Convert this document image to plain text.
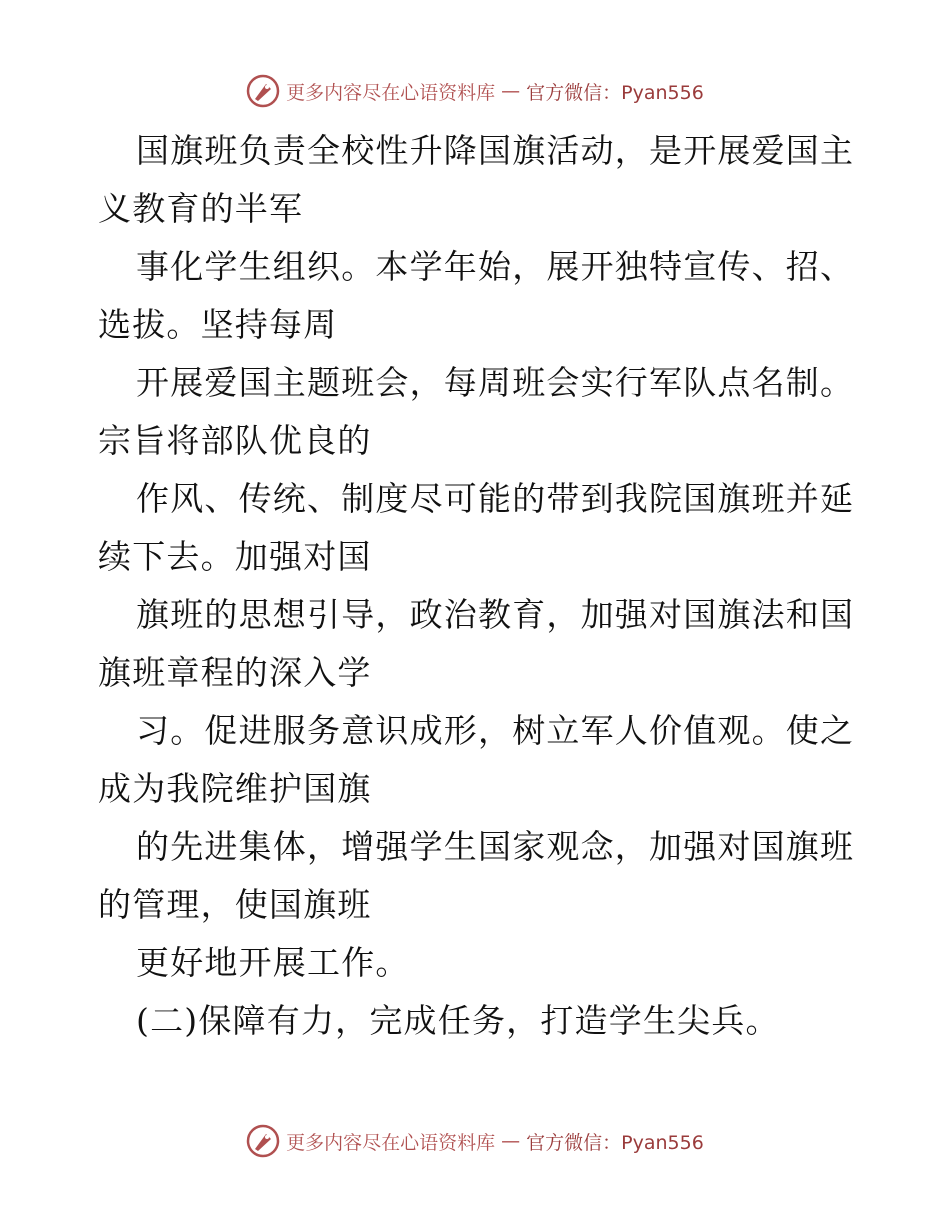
更多内容尽在心语资料库 — 官方微信：Pyan556

国旗班负责全校性升降国旗活动，是开展爱国主义教育的半军

事化学生组织。本学年始，展开独特宣传、招、选拔。坚持每周

开展爱国主题班会，每周班会实行军队点名制。宗旨将部队优良的

作风、传统、制度尽可能的带到我院国旗班并延续下去。加强对国

旗班的思想引导，政治教育，加强对国旗法和国旗班章程的深入学

习。促进服务意识成形，树立军人价值观。使之成为我院维护国旗

的先进集体，增强学生国家观念，加强对国旗班的管理，使国旗班

更好地开展工作。

(二)保障有力，完成任务，打造学生尖兵。

更多内容尽在心语资料库 — 官方微信：Pyan556
